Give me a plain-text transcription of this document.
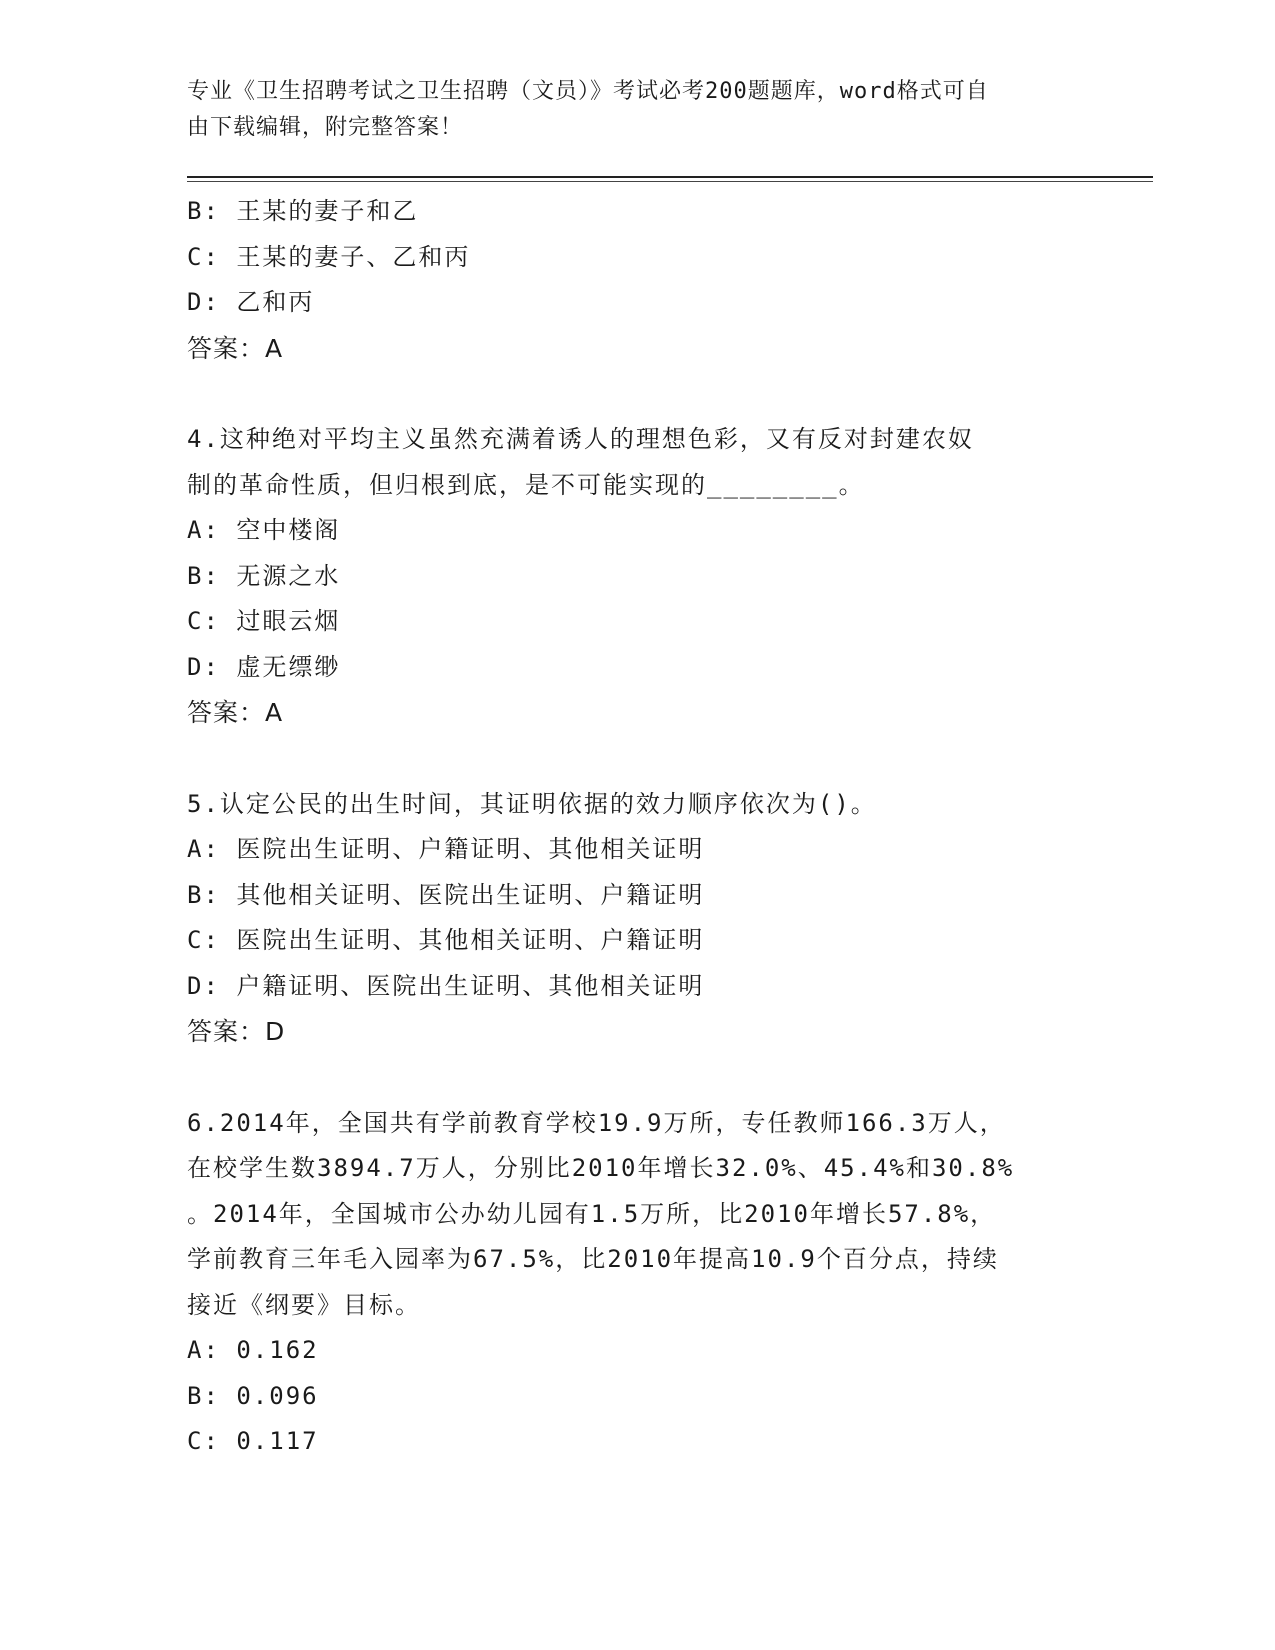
专业《卫生招聘考试之卫生招聘（文员）》考试必考200题题库，word格式可自
由下载编辑，附完整答案！
B: 王某的妻子和乙
C: 王某的妻子、乙和丙
D: 乙和丙
答案：A
4.这种绝对平均主义虽然充满着诱人的理想色彩，又有反对封建农奴
制的革命性质，但归根到底，是不可能实现的________。
A: 空中楼阁
B: 无源之水
C: 过眼云烟
D: 虚无缥缈
答案：A
5.认定公民的出生时间，其证明依据的效力顺序依次为()。
A: 医院出生证明、户籍证明、其他相关证明
B: 其他相关证明、医院出生证明、户籍证明
C: 医院出生证明、其他相关证明、户籍证明
D: 户籍证明、医院出生证明、其他相关证明
答案：D
6.2014年，全国共有学前教育学校19.9万所，专任教师166.3万人，
在校学生数3894.7万人，分别比2010年增长32.0%、45.4%和30.8%
。2014年，全国城市公办幼儿园有1.5万所，比2010年增长57.8%，
学前教育三年毛入园率为67.5%，比2010年提高10.9个百分点，持续
接近《纲要》目标。
A: 0.162
B: 0.096
C: 0.117
